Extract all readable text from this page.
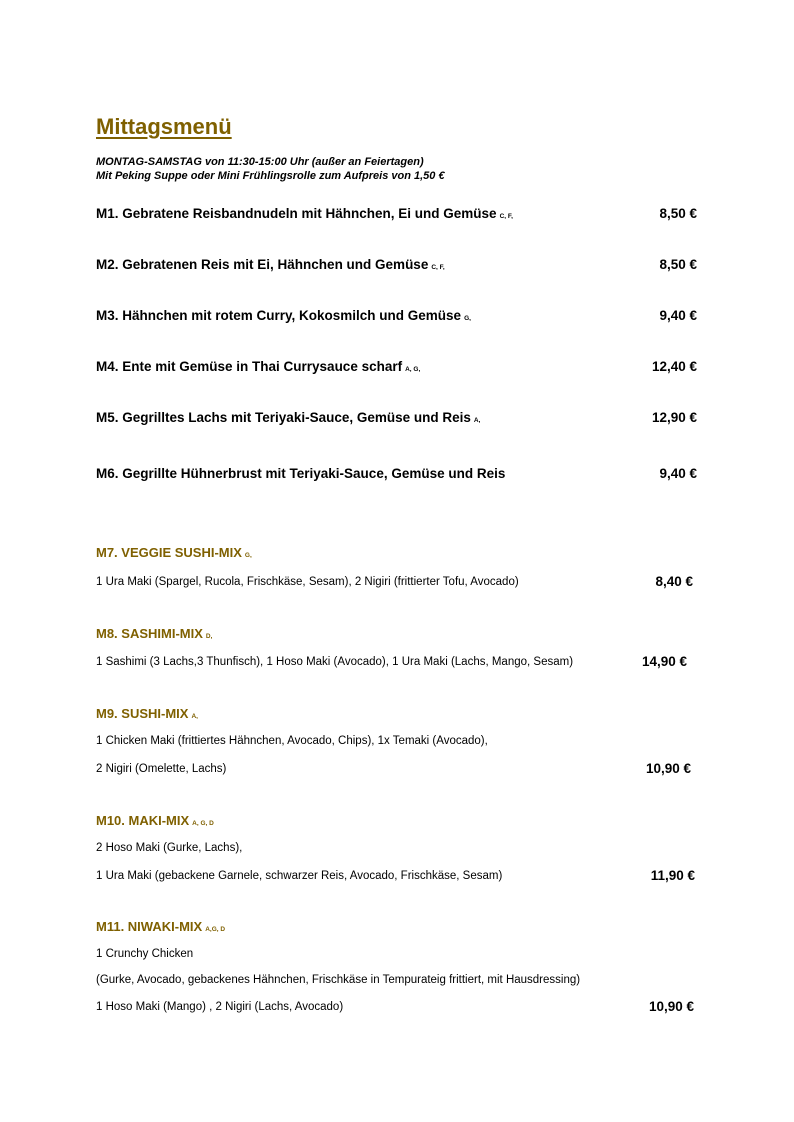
Mittagsmenü
MONTAG-SAMSTAG von 11:30-15:00 Uhr (außer an Feiertagen)
Mit Peking Suppe oder Mini Frühlingsrolle zum Aufpreis von 1,50 €
M1. Gebratene Reisbandnudeln mit Hähnchen, Ei und Gemüse C, F,	8,50 €
M2. Gebratenen Reis mit Ei, Hähnchen und Gemüse C, F,	8,50 €
M3. Hähnchen mit rotem Curry, Kokosmilch und Gemüse G,	9,40 €
M4. Ente mit Gemüse in Thai Currysauce scharf A, G,	12,40 €
M5. Gegrilltes Lachs mit Teriyaki-Sauce, Gemüse und Reis A,	12,90 €
M6. Gegrillte Hühnerbrust mit Teriyaki-Sauce, Gemüse und Reis	9,40 €
M7. VEGGIE SUSHI-MIX G,
1 Ura Maki (Spargel, Rucola, Frischkäse, Sesam), 2 Nigiri (frittierter Tofu, Avocado)	8,40 €
M8. SASHIMI-MIX D,
1 Sashimi (3 Lachs,3 Thunfisch), 1 Hoso Maki (Avocado), 1 Ura Maki (Lachs, Mango, Sesam)	14,90 €
M9. SUSHI-MIX A,
1 Chicken Maki (frittiertes Hähnchen, Avocado, Chips), 1x Temaki (Avocado),
2 Nigiri (Omelette, Lachs)	10,90 €
M10. MAKI-MIX A, G, D
2 Hoso Maki (Gurke, Lachs),
1 Ura Maki (gebackene Garnele, schwarzer Reis, Avocado, Frischkäse, Sesam)	11,90 €
M11. NIWAKI-MIX A,G, D
1 Crunchy Chicken
(Gurke, Avocado, gebackenes Hähnchen, Frischkäse in Tempurateig frittiert, mit Hausdressing)
1 Hoso Maki (Mango) , 2 Nigiri (Lachs, Avocado)	10,90 €
